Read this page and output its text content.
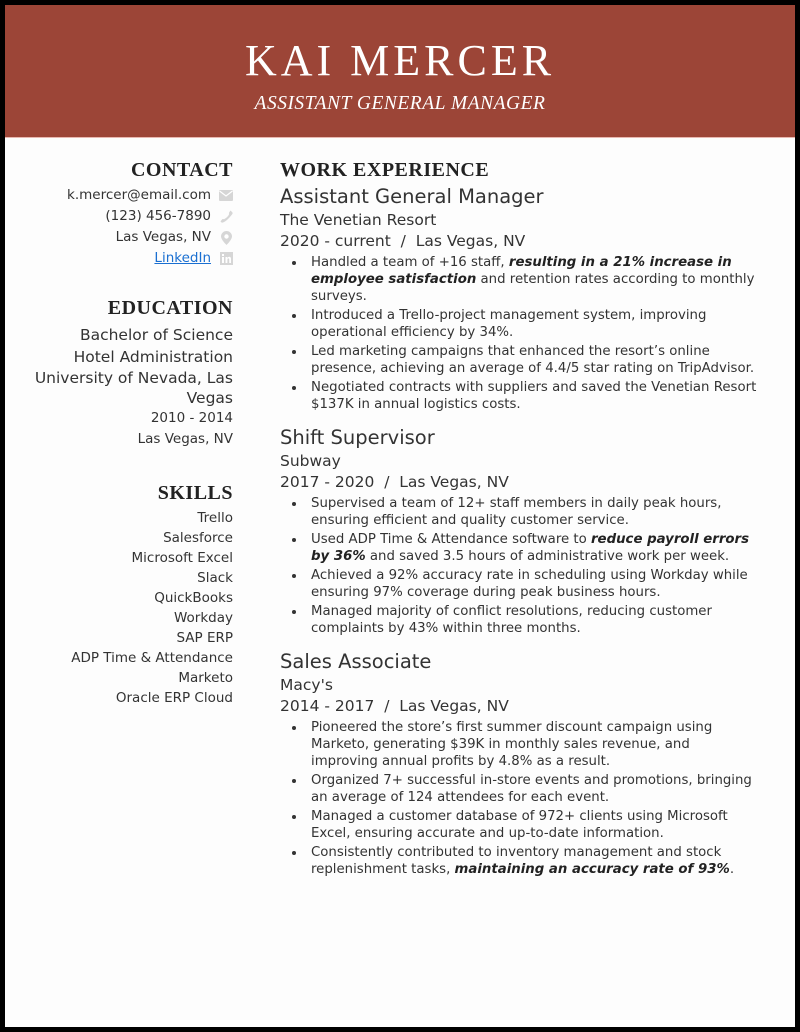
KAI MERCER
ASSISTANT GENERAL MANAGER
CONTACT
k.mercer@email.com
(123) 456-7890
Las Vegas, NV
LinkedIn
EDUCATION
Bachelor of Science
Hotel Administration
University of Nevada, Las Vegas
2010 - 2014
Las Vegas, NV
SKILLS
Trello
Salesforce
Microsoft Excel
Slack
QuickBooks
Workday
SAP ERP
ADP Time & Attendance
Marketo
Oracle ERP Cloud
WORK EXPERIENCE
Assistant General Manager
The Venetian Resort
2020 - current  /  Las Vegas, NV
Handled a team of +16 staff, resulting in a 21% increase in employee satisfaction and retention rates according to monthly surveys.
Introduced a Trello-project management system, improving operational efficiency by 34%.
Led marketing campaigns that enhanced the resort’s online presence, achieving an average of 4.4/5 star rating on TripAdvisor.
Negotiated contracts with suppliers and saved the Venetian Resort $137K in annual logistics costs.
Shift Supervisor
Subway
2017 - 2020  /  Las Vegas, NV
Supervised a team of 12+ staff members in daily peak hours, ensuring efficient and quality customer service.
Used ADP Time & Attendance software to reduce payroll errors by 36% and saved 3.5 hours of administrative work per week.
Achieved a 92% accuracy rate in scheduling using Workday while ensuring 97% coverage during peak business hours.
Managed majority of conflict resolutions, reducing customer complaints by 43% within three months.
Sales Associate
Macy's
2014 - 2017  /  Las Vegas, NV
Pioneered the store’s first summer discount campaign using Marketo, generating $39K in monthly sales revenue, and improving annual profits by 4.8% as a result.
Organized 7+ successful in-store events and promotions, bringing an average of 124 attendees for each event.
Managed a customer database of 972+ clients using Microsoft Excel, ensuring accurate and up-to-date information.
Consistently contributed to inventory management and stock replenishment tasks, maintaining an accuracy rate of 93%.
